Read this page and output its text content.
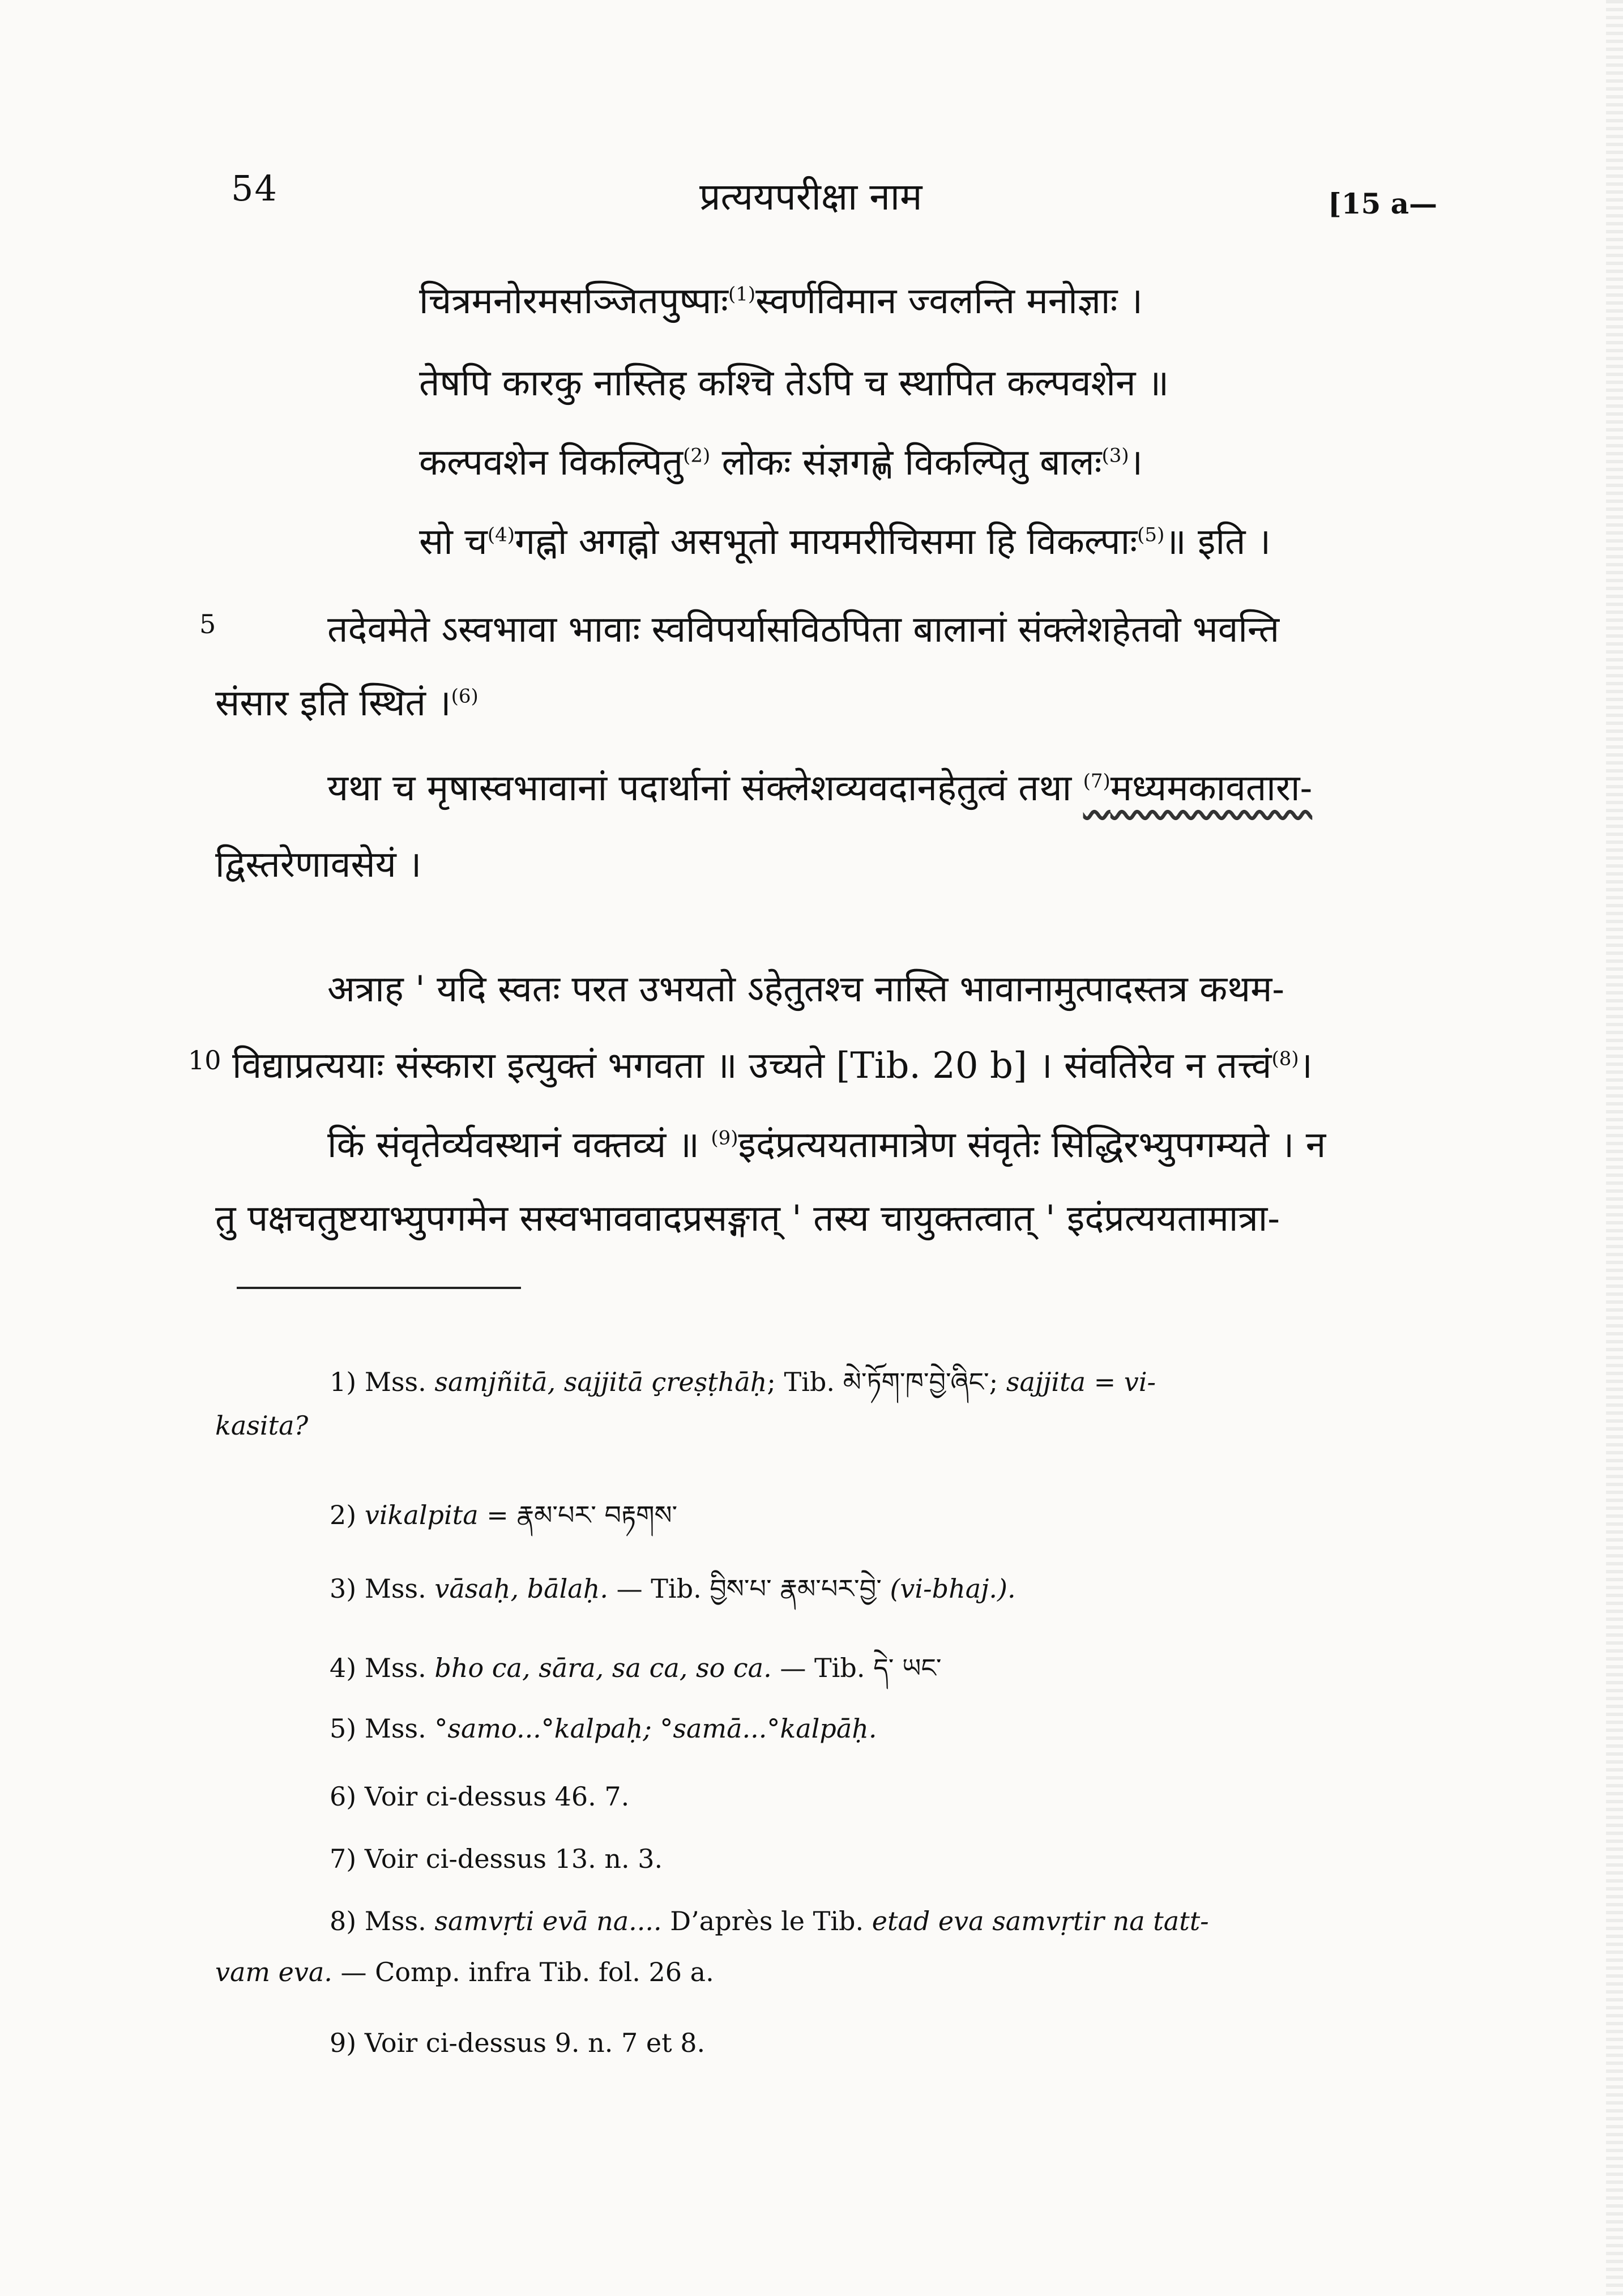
54	प्रत्ययपरीक्षा नाम	[15 a—
चित्रमनोरमसञ्जितपुष्पाः$^{(1)}$स्वर्णविमान ज्वलन्ति मनोज्ञाः ।
तेषपि कारकु नास्तिह कश्चि तेऽपि च स्थापित कल्पवशेन ॥
कल्पवशेन विकल्पितु$^{(2)}$ लोकः संज्ञगह्णे विकल्पितु बालः$^{(3)}$।
सो च$^{(4)}$गह्नो अगह्नो अस‌भूतो मायमरीचिसमा हि विकल्पाः$^{(5)}$॥ इति ।
5	तदेवमेते ऽस्वभावा भावाः स्वविपर्यासविठपिता बालानां संक्लेशहेतवो भवन्ति
संसार इति स्थितं ।$^{(6)}$
यथा च मृषास्वभावानां पदार्थानां संक्लेशव्यवदानहेतुत्वं तथा $^{(7)}$मध्यमकावतारा-
द्विस्तरेणावसेयं ।
अत्राह ' यदि स्वतः परत उभयतो ऽहेतुतश्च नास्ति भावानामुत्पादस्तत्र कथम-
10 विद्याप्रत्ययाः संस्कारा इत्युक्तं भगवता ॥ उच्यते [Tib. 20 b] । संवतिरेव न तत्त्वं$^{(8)}$।
किं संवृतेर्व्यवस्थानं वक्तव्यं ॥ $^{(9)}$इदंप्रत्ययतामात्रेण संवृतेः सिद्धिरभ्युपगम्यते । न
तु पक्षचतुष्टयाभ्युपगमेन सस्वभाववादप्रसङ्गात् ' तस्य चायुक्तत्वात् ' इदंप्रत्ययतामात्रा-
1) Mss. samjñitā, sajjitā çreṣṭhāḥ; Tib. མེ་ཏོག་ཁ་བྱེ་ཞིང་; sajjita = vi-
kasita?
2) vikalpita = རྣམ་པར་ བརྟགས་
3) Mss. vāsaḥ, bālaḥ. — Tib. བྱིས་པ་ རྣམ་པར་བྱེ་ (vi-bhaj.).
4) Mss. bho ca, sāra, sa ca, so ca. — Tib. དེ་ ཡང་
5) Mss. °samo...°kalpaḥ; °samā...°kalpāḥ.
6) Voir ci-dessus 46. 7.
7) Voir ci-dessus 13. n. 3.
8) Mss. samvṛti evā na.... D’après le Tib. etad eva samvṛtir na tatt-
vam eva. — Comp. infra Tib. fol. 26 a.
9) Voir ci-dessus 9. n. 7 et 8.
